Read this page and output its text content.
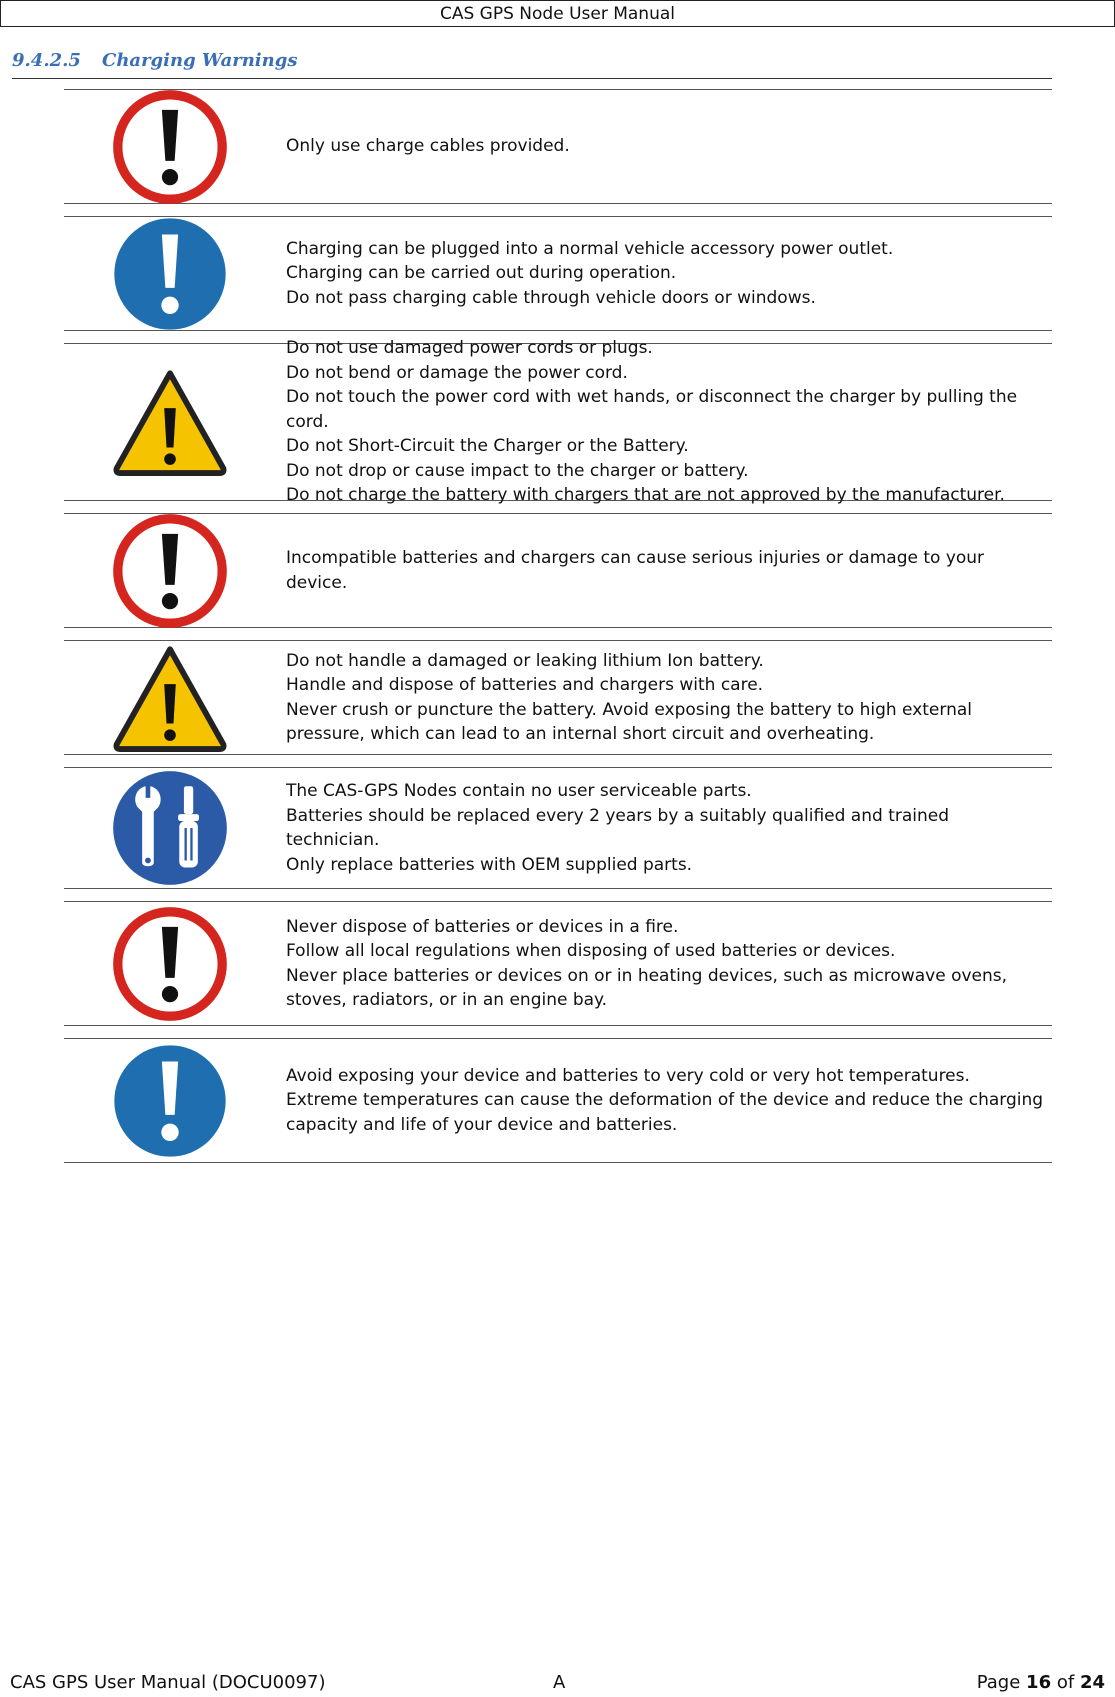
CAS GPS Node User Manual
9.4.2.5 Charging Warnings

Only use charge cables provided.

Charging can be plugged into a normal vehicle accessory power outlet.

Charging can be carried out during operation.

Do not pass charging cable through vehicle doors or windows.

Do not use damaged power cords or plugs.

Do not bend or damage the power cord.

Do not touch the power cord with wet hands, or disconnect the charger by pulling the cord.

Do not Short-Circuit the Charger or the Battery.

Do not drop or cause impact to the charger or battery.

Do not charge the battery with chargers that are not approved by the manufacturer.

Incompatible batteries and chargers can cause serious injuries or damage to your device.

Do not handle a damaged or leaking lithium Ion battery.

Handle and dispose of batteries and chargers with care.

Never crush or puncture the battery. Avoid exposing the battery to high external pressure, which can lead to an internal short circuit and overheating.

The CAS-GPS Nodes contain no user serviceable parts.

Batteries should be replaced every 2 years by a suitably qualified and trained technician.

Only replace batteries with OEM supplied parts.

Never dispose of batteries or devices in a fire.

Follow all local regulations when disposing of used batteries or devices.

Never place batteries or devices on or in heating devices, such as microwave ovens, stoves, radiators, or in an engine bay.

Avoid exposing your device and batteries to very cold or very hot temperatures.

Extreme temperatures can cause the deformation of the device and reduce the charging capacity and life of your device and batteries.

CAS GPS User Manual (DOCU0097)	A	Page 16 of 24
